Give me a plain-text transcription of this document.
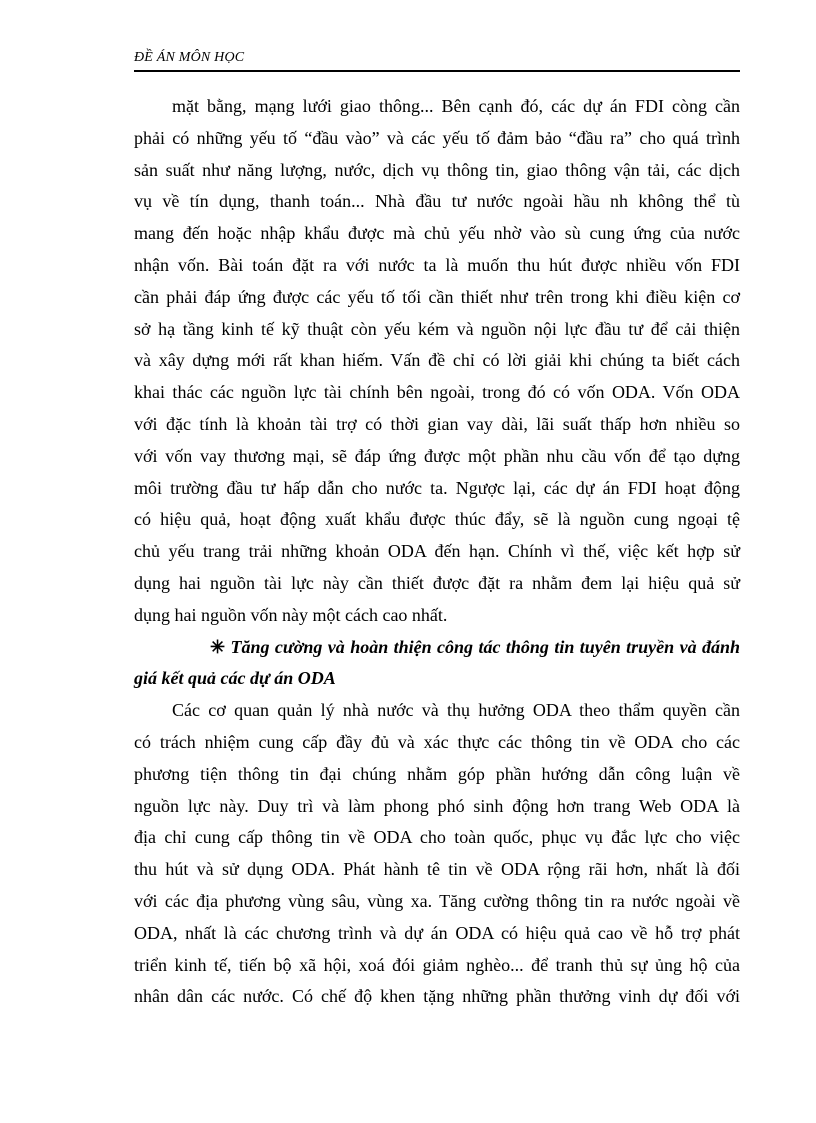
ĐỀ ÁN MÔN HỌC
mặt bằng, mạng lưới giao thông... Bên cạnh đó, các dự án FDI còng cần
phải có những yếu tố “đầu vào” và các yếu tố đảm bảo “đầu ra” cho quá trình
sản suất như năng lượng, nước, dịch vụ thông tin, giao thông vận tải, các dịch
vụ về tín dụng, thanh toán... Nhà đầu tư nước ngoài hầu nh không thể tù
mang đến hoặc nhập khẩu được mà chủ yếu nhờ vào sù cung ứng của nước
nhận vốn. Bài toán đặt ra với nước ta là muốn thu hút được nhiều vốn FDI
cần phải đáp ứng được các yếu tố tối cần thiết như trên trong khi điều kiện cơ
sở hạ tầng kinh tế kỹ thuật còn yếu kém và nguồn nội lực đầu tư để cải thiện
và xây dựng mới rất khan hiếm. Vấn đề chỉ có lời giải khi chúng ta biết cách
khai thác các nguồn lực tài chính bên ngoài, trong đó có vốn ODA. Vốn ODA
với đặc tính là khoản tài trợ có thời gian vay dài, lãi suất thấp hơn nhiều so
với vốn vay thương mại, sẽ đáp ứng được một phần nhu cầu vốn để tạo dựng
môi trường đầu tư hấp dẫn cho nước ta. Ngược lại, các dự án FDI hoạt động
có hiệu quả, hoạt động xuất khẩu được thúc đẩy, sẽ là nguồn cung ngoại tệ
chủ yếu trang trải những khoản ODA đến hạn. Chính vì thế, việc kết hợp sử
dụng hai nguồn tài lực này cần thiết được đặt ra nhằm đem lại hiệu quả sử
dụng hai nguồn vốn này một cách cao nhất.
✳ Tăng cường và hoàn thiện công tác thông tin tuyên truyền và đánh
giá kết quả các dự án ODA
Các cơ quan quản lý nhà nước và thụ hưởng ODA theo thẩm quyền cần
có trách nhiệm cung cấp đầy đủ và xác thực các thông tin về ODA cho các
phương tiện thông tin đại chúng nhằm góp phần hướng dẫn công luận về
nguồn lực này. Duy trì và làm phong phó sinh động hơn trang Web ODA là
địa chỉ cung cấp thông tin về ODA cho toàn quốc, phục vụ đắc lực cho việc
thu hút và sử dụng ODA. Phát hành tê tin về ODA rộng rãi hơn, nhất là đối
với các địa phương vùng sâu, vùng xa. Tăng cường thông tin ra nước ngoài về
ODA, nhất là các chương trình và dự án ODA có hiệu quả cao về hỗ trợ phát
triển kinh tế, tiến bộ xã hội, xoá đói giảm nghèo... để tranh thủ sự ủng hộ của
nhân dân các nước. Có chế độ khen tặng những phần thưởng vinh dự đối với
